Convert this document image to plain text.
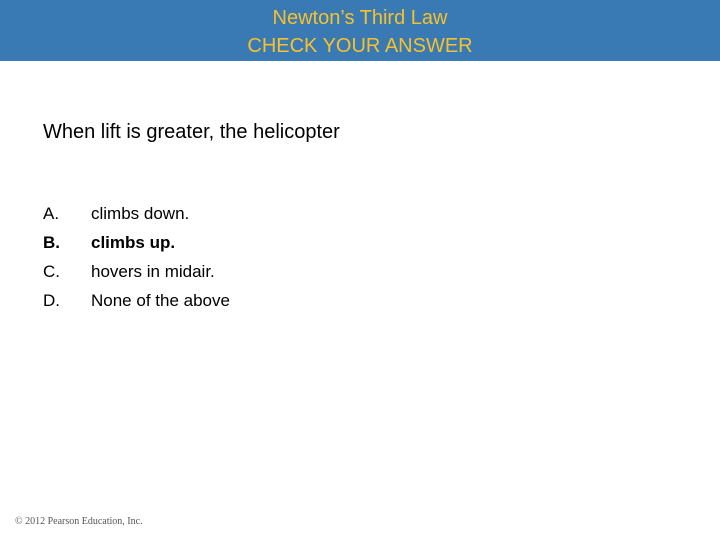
Newton’s Third Law
CHECK YOUR ANSWER
When lift is greater, the helicopter
A. climbs down.
B. climbs up.
C. hovers in midair.
D. None of the above
© 2012 Pearson Education, Inc.
